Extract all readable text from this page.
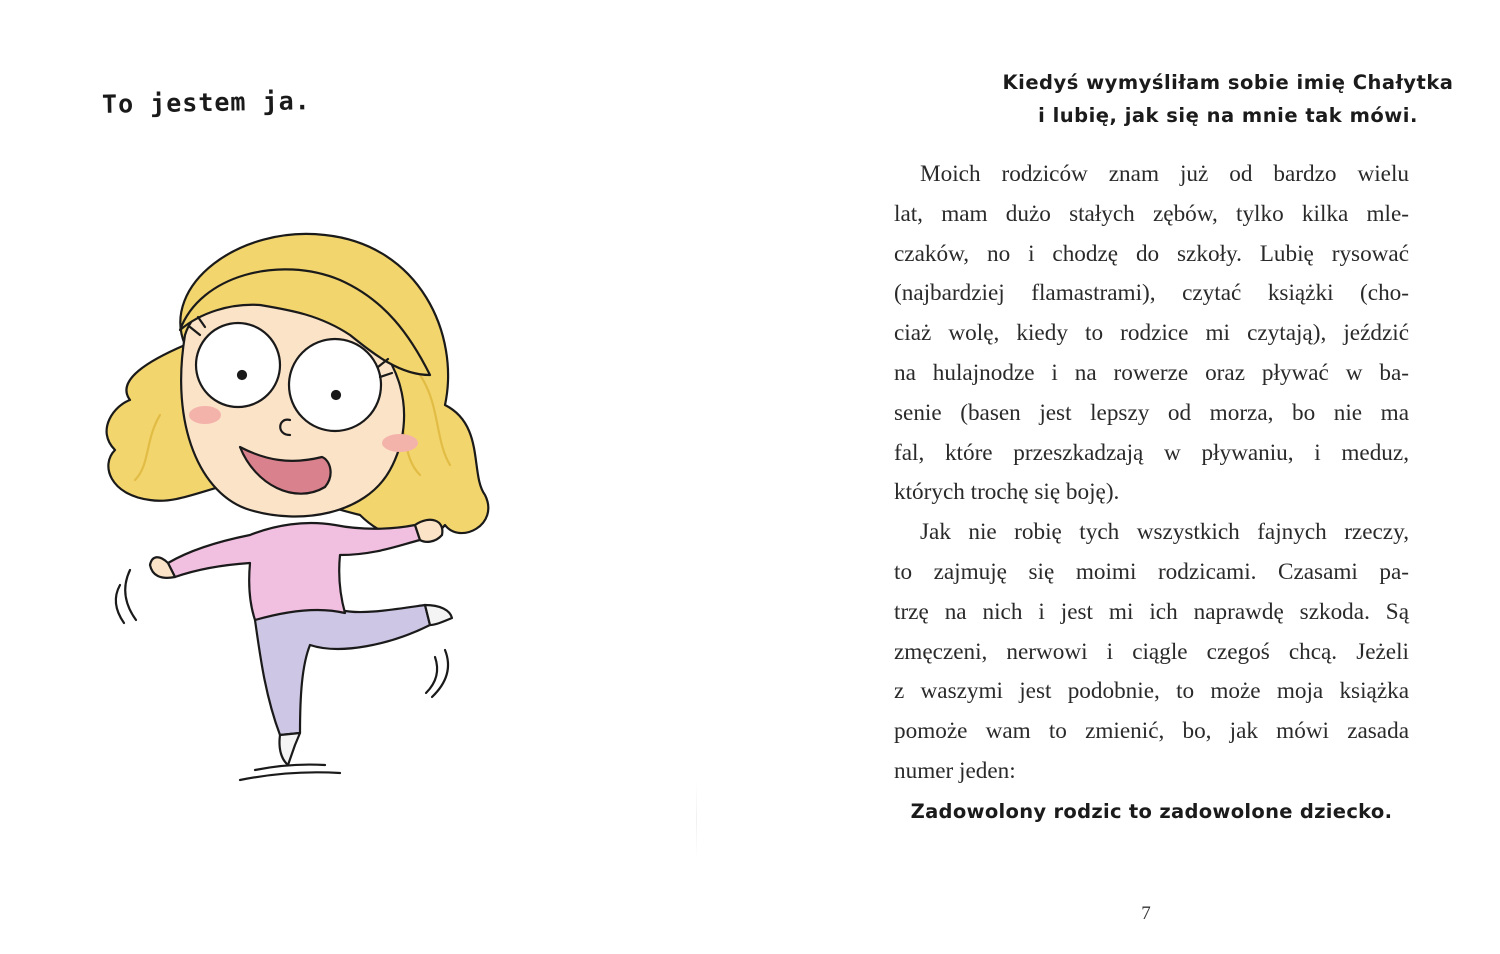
To jestem ja.
Kiedyś wymyśliłam sobie imię Chałytka
i lubię, jak się na mnie tak mówi.
Moich rodziców znam już od bardzo wielu
lat, mam dużo stałych zębów, tylko kilka mle-
czaków, no i chodzę do szkoły. Lubię rysować
(najbardziej flamastrami), czytać książki (cho-
ciaż wolę, kiedy to rodzice mi czytają), jeździć
na hulajnodze i na rowerze oraz pływać w ba-
senie (basen jest lepszy od morza, bo nie ma
fal, które przeszkadzają w pływaniu, i meduz,
których trochę się boję).
Jak nie robię tych wszystkich fajnych rzeczy,
to zajmuję się moimi rodzicami. Czasami pa-
trzę na nich i jest mi ich naprawdę szkoda. Są
zmęczeni, nerwowi i ciągle czegoś chcą. Jeżeli
z waszymi jest podobnie, to może moja książka
pomoże wam to zmienić, bo, jak mówi zasada
numer jeden:
Zadowolony rodzic to zadowolone dziecko.
7
